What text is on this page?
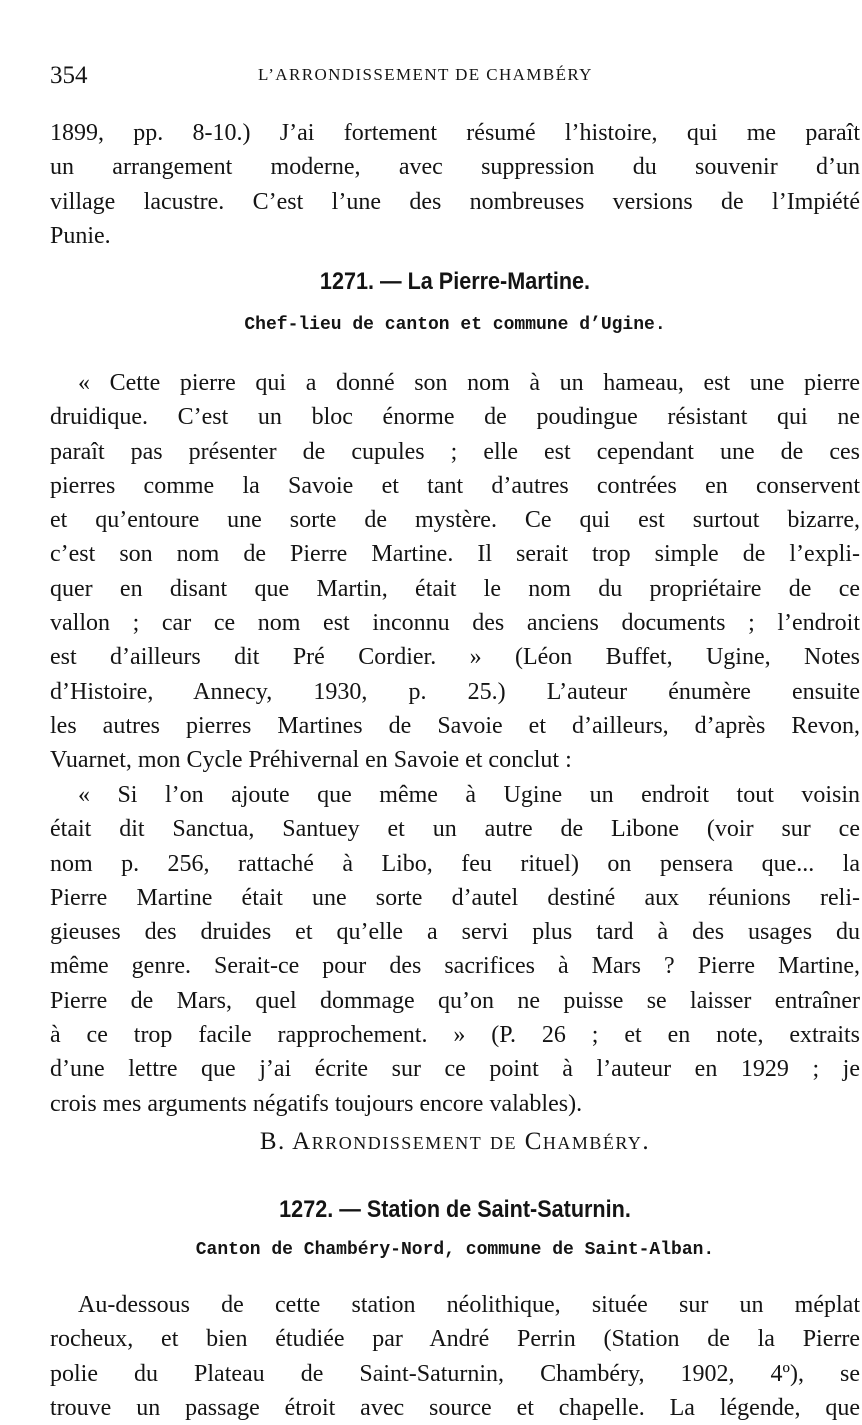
354	L’ARRONDISSEMENT DE CHAMBÉRY
1899, pp. 8-10.) J’ai fortement résumé l’histoire, qui me paraît
un arrangement moderne, avec suppression du souvenir d’un
village lacustre. C’est l’une des nombreuses versions de l’Impiété
Punie.
1271. — La Pierre-Martine.
Chef-lieu de canton et commune d’Ugine.
« Cette pierre qui a donné son nom à un hameau, est une pierre
druidique. C’est un bloc énorme de poudingue résistant qui ne
paraît pas présenter de cupules ; elle est cependant une de ces
pierres comme la Savoie et tant d’autres contrées en conservent
et qu’entoure une sorte de mystère. Ce qui est surtout bizarre,
c’est son nom de Pierre Martine. Il serait trop simple de l’expli-
quer en disant que Martin, était le nom du propriétaire de ce
vallon ; car ce nom est inconnu des anciens documents ; l’endroit
est d’ailleurs dit Pré Cordier. » (Léon Buffet, Ugine, Notes
d’Histoire, Annecy, 1930, p. 25.) L’auteur énumère ensuite
les autres pierres Martines de Savoie et d’ailleurs, d’après Revon,
Vuarnet, mon Cycle Préhivernal en Savoie et conclut :
« Si l’on ajoute que même à Ugine un endroit tout voisin
était dit Sanctua, Santuey et un autre de Libone (voir sur ce
nom p. 256, rattaché à Libo, feu rituel) on pensera que... la
Pierre Martine était une sorte d’autel destiné aux réunions reli-
gieuses des druides et qu’elle a servi plus tard à des usages du
même genre. Serait-ce pour des sacrifices à Mars ? Pierre Martine,
Pierre de Mars, quel dommage qu’on ne puisse se laisser entraîner
à ce trop facile rapprochement. » (P. 26 ; et en note, extraits
d’une lettre que j’ai écrite sur ce point à l’auteur en 1929 ; je
crois mes arguments négatifs toujours encore valables).
B. Arrondissement de Chambéry.
1272. — Station de Saint-Saturnin.
Canton de Chambéry-Nord, commune de Saint-Alban.
Au-dessous de cette station néolithique, située sur un méplat
rocheux, et bien étudiée par André Perrin (Station de la Pierre
polie du Plateau de Saint-Saturnin, Chambéry, 1902, 4º), se
trouve un passage étroit avec source et chapelle. La légende, que
